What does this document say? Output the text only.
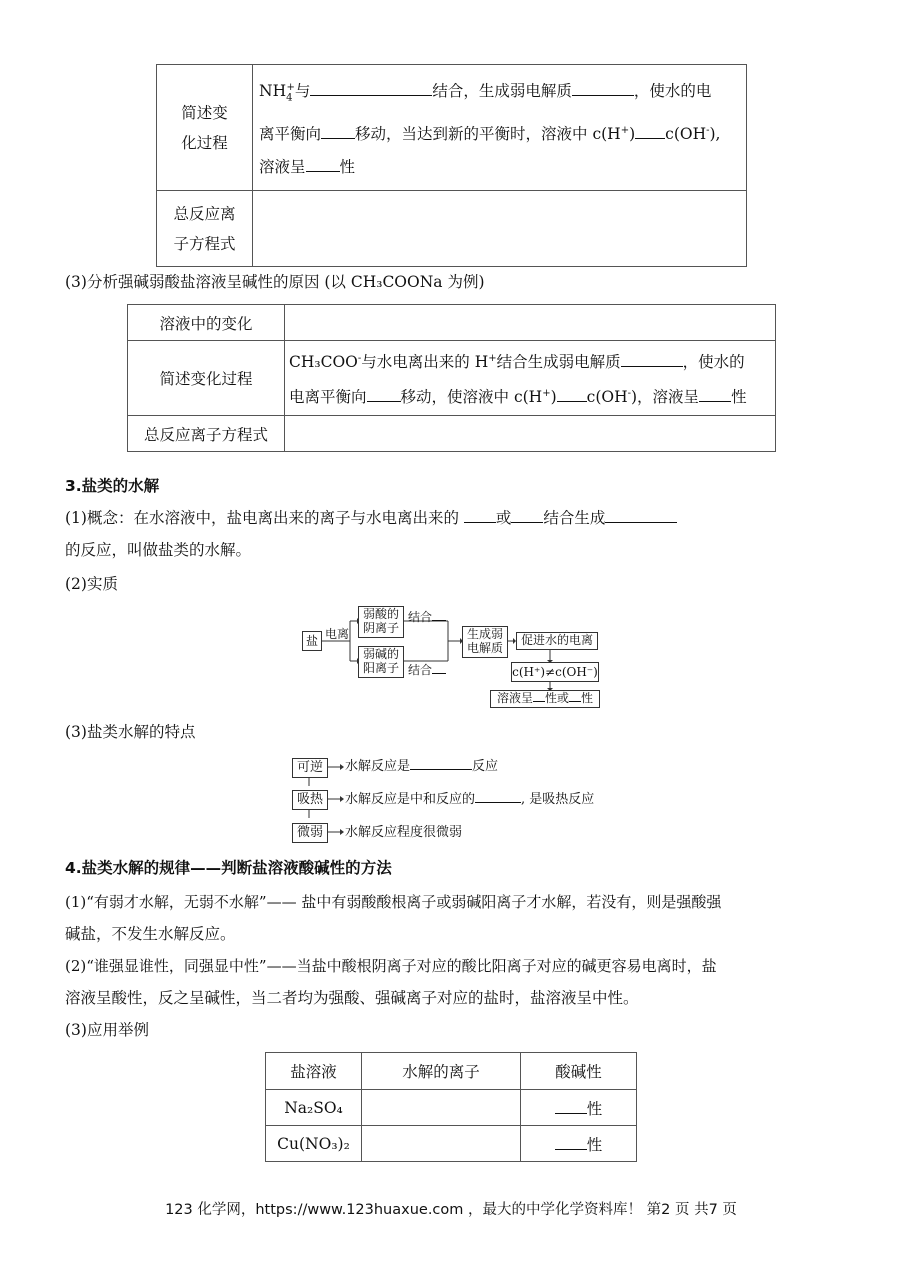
简述变化过程	$NH_4^+$与 结合，生成弱电解质 ，使水的电
离平衡向 移动，当达到新的平衡时，溶液中 c(H+) c(OH-),
溶液呈 性
总反应离子方程式	
(3)分析强碱弱酸盐溶液呈碱性的原因 (以 CH₃COONa 为例)
溶液中的变化	
简述变化过程	CH₃COO-与水电离出来的 H+结合生成弱电解质 ，使水的
电离平衡向 移动，使溶液中 c(H+) c(OH-)，溶液呈 性
总反应离子方程式	
3.盐类的水解
(1)概念：在水溶液中，盐电离出来的离子与水电离出来的 或 结合生成
的反应，叫做盐类的水解。
(2)实质
盐 电离
弱酸的阴离子
弱碱的阳离子
结合
结合
生成弱电解质
促进水的电离
c(H⁺)≠c(OH⁻)
溶液呈 性或 性
(3)盐类水解的特点
可逆
吸热
微弱
水解反应是	反应
水解反应是中和反应的	, 是吸热反应
水解反应程度很微弱
4.盐类水解的规律——判断盐溶液酸碱性的方法
(1)“有弱才水解，无弱不水解”—— 盐中有弱酸酸根离子或弱碱阳离子才水解，若没有，则是强酸强
碱盐，不发生水解反应。
(2)“谁强显谁性，同强显中性”——当盐中酸根阴离子对应的酸比阳离子对应的碱更容易电离时，盐
溶液呈酸性，反之呈碱性，当二者均为强酸、强碱离子对应的盐时，盐溶液呈中性。
(3)应用举例
盐溶液	水解的离子	酸碱性
Na₂SO₄		性
Cu(NO₃)₂		性
123 化学网，https://www.123huaxue.com ，最大的中学化学资料库！ 第2 页 共7 页
